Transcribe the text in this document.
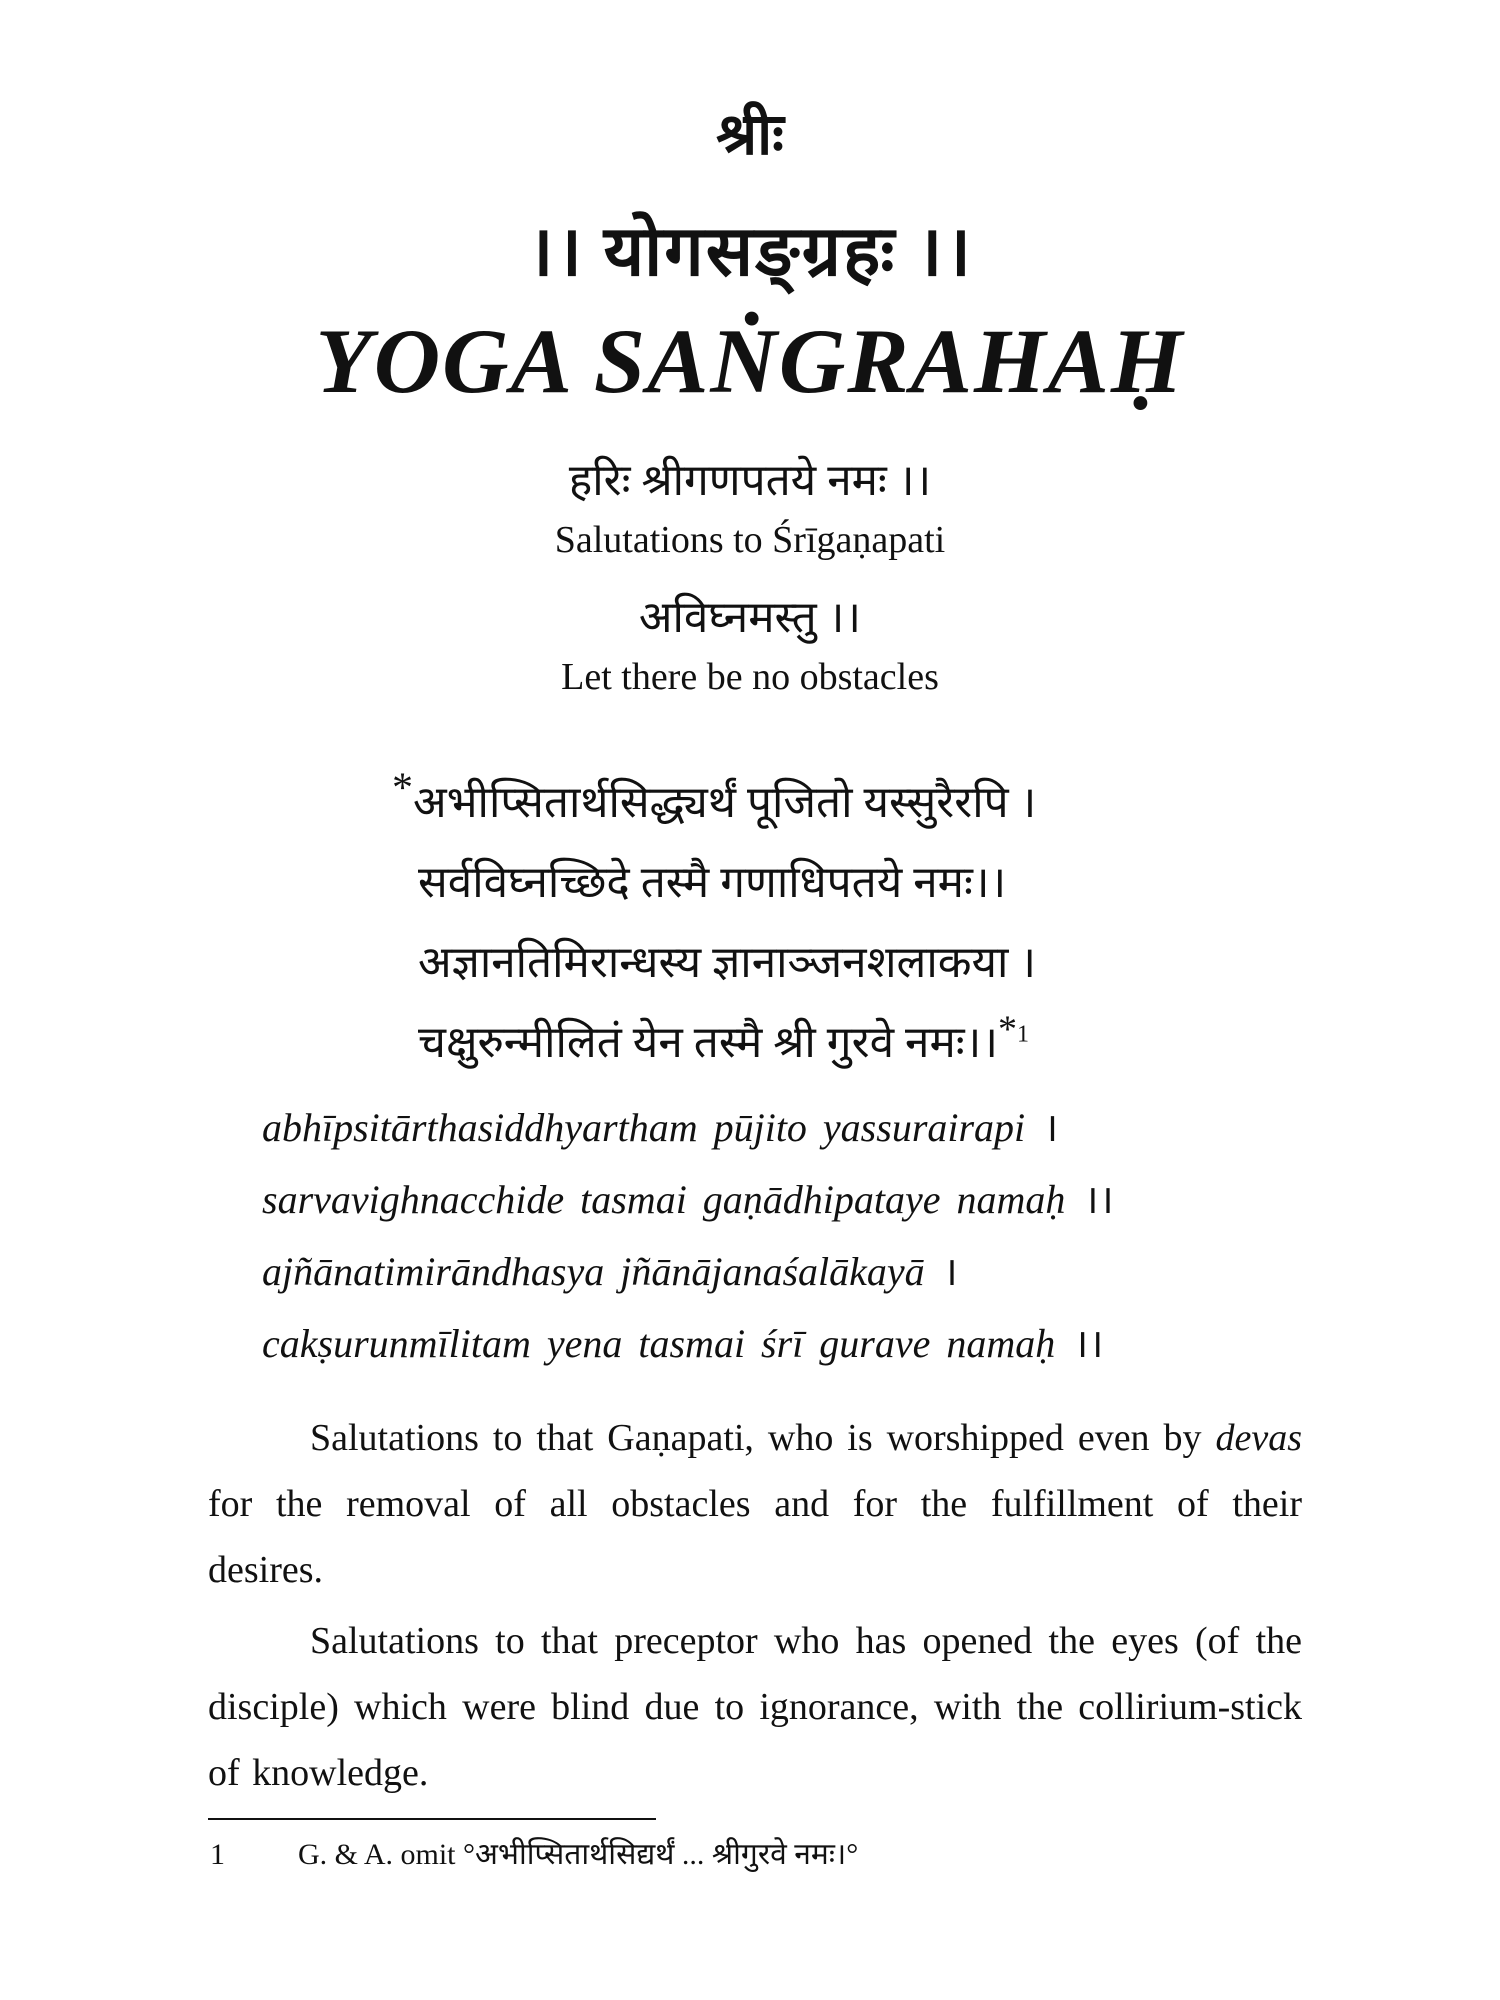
श्रीः
।। योगसङ्ग्रहः ।।
YOGA SAṄGRAHAḤ
हरिः श्रीगणपतये नमः ।।
Salutations to Śrīgaṇapati
अविघ्नमस्तु ।।
Let there be no obstacles
*अभीप्सितार्थसिद्ध्यर्थं पूजितो यस्सुरैरपि ।
सर्वविघ्नच्छिदे तस्मै गणाधिपतये नमः।।
अज्ञानतिमिरान्धस्य ज्ञानाञ्जनशलाकया ।
चक्षुरुन्मीलितं येन तस्मै श्री गुरवे नमः।।*$^1$
abhīpsitārthasiddhyartham pūjito yassurairapi ।
sarvavighnacchide tasmai gaṇādhipataye namaḥ ।।
ajñānatimirāndhasya jñānājanaśalākayā ।
cakṣurunmīlitam yena tasmai śrī gurave namaḥ ।।

Salutations to that Gaṇapati, who is worshipped even by devas for the removal of all obstacles and for the fulfillment of their desires.

Salutations to that preceptor who has opened the eyes (of the disciple) which were blind due to ignorance, with the collirium-stick of knowledge.

1 G. & A. omit °अभीप्सितार्थसिद्यर्थं ... श्रीगुरवे नमः।°
